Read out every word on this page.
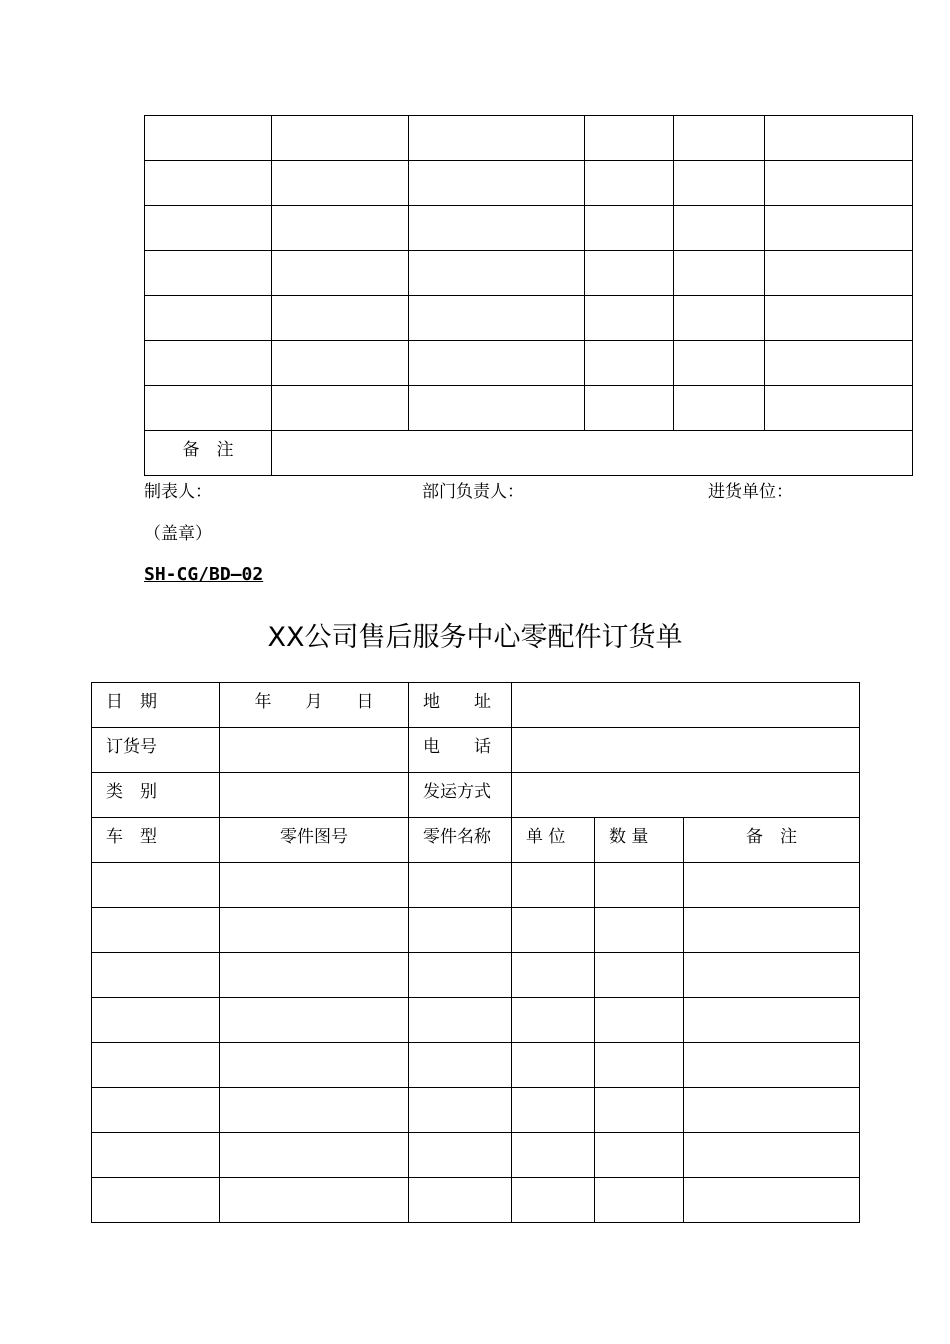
备　注					

制表人：	部门负责人：	进货单位：
（盖章）
SH-CG/BD—02
XX公司售后服务中心零配件订货单
日　期	年　　月　　日	地　　址			

订货号		电　　话			

类　别		发运方式			

车　型	零件图号	零件名称	单 位	数 量	备　注
